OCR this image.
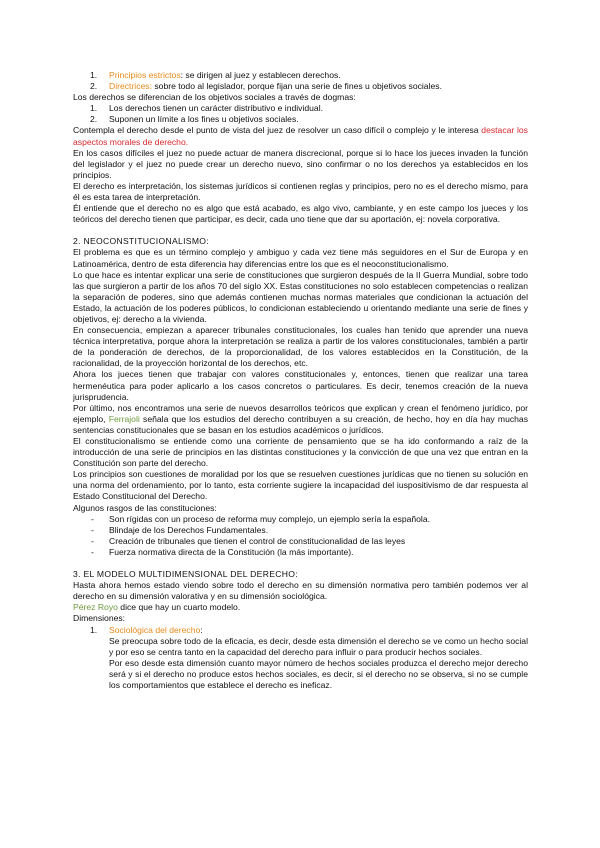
1. Principios estrictos: se dirigen al juez y establecen derechos.
2. Directrices: sobre todo al legislador, porque fijan una serie de fines u objetivos sociales.

Los derechos se diferencian de los objetivos sociales a través de dogmas:

1. Los derechos tienen un carácter distributivo e individual.
2. Suponen un límite a los fines u objetivos sociales.

Contempla el derecho desde el punto de vista del juez de resolver un caso difícil o complejo y le interesa destacar los aspectos morales de derecho.

En los casos difíciles el juez no puede actuar de manera discrecional, porque si lo hace los jueces invaden la función del legislador y el juez no puede crear un derecho nuevo, sino confirmar o no los derechos ya establecidos en los principios.

El derecho es interpretación, los sistemas jurídicos si contienen reglas y principios, pero no es el derecho mismo, para él es esta tarea de interpretación.

Él entiende que el derecho no es algo que está acabado, es algo vivo, cambiante, y en este campo los jueces y los teóricos del derecho tienen que participar, es decir, cada uno tiene que dar su aportación, ej: novela corporativa.

2. NEOCONSTITUCIONALISMO:

El problema es que es un término complejo y ambiguo y cada vez tiene más seguidores en el Sur de Europa y en Latinoamérica, dentro de esta diferencia hay diferencias entre los que es el neoconstitucionalismo.

Lo que hace es intentar explicar una serie de constituciones que surgieron después de la II Guerra Mundial, sobre todo las que surgieron a partir de los años 70 del siglo XX. Estas constituciones no solo establecen competencias o realizan la separación de poderes, sino que además contienen muchas normas materiales que condicionan la actuación del Estado, la actuación de los poderes públicos, lo condicionan estableciendo u orientando mediante una serie de fines y objetivos, ej: derecho a la vivienda.

En consecuencia, empiezan a aparecer tribunales constitucionales, los cuales han tenido que aprender una nueva técnica interpretativa, porque ahora la interpretación se realiza a partir de los valores constitucionales, también a partir de la ponderación de derechos, de la proporcionalidad, de los valores establecidos en la Constitución, de la racionalidad, de la proyección horizontal de los derechos, etc.

Ahora los jueces tienen que trabajar con valores constitucionales y, entonces, tienen que realizar una tarea hermenéutica para poder aplicarlo a los casos concretos o particulares. Es decir, tenemos creación de la nueva jurisprudencia.

Por último, nos encontramos una serie de nuevos desarrollos teóricos que explican y crean el fenómeno jurídico, por ejemplo, Ferrajoli señala que los estudios del derecho contribuyen a su creación, de hecho, hoy en día hay muchas sentencias constitucionales que se basan en los estudios académicos o jurídicos.

El constitucionalismo se entiende como una corriente de pensamiento que se ha ido conformando a raíz de la introducción de una serie de principios en las distintas constituciones y la convicción de que una vez que entran en la Constitución son parte del derecho.

Los principios son cuestiones de moralidad por los que se resuelven cuestiones jurídicas que no tienen su solución en una norma del ordenamiento, por lo tanto, esta corriente sugiere la incapacidad del iuspositivismo de dar respuesta al Estado Constitucional del Derecho.

Algunos rasgos de las constituciones:

- Son rígidas con un proceso de reforma muy complejo, un ejemplo sería la española.
- Blindaje de los Derechos Fundamentales.
- Creación de tribunales que tienen el control de constitucionalidad de las leyes
- Fuerza normativa directa de la Constitución (la más importante).

3. EL MODELO MULTIDIMENSIONAL DEL DERECHO:

Hasta ahora hemos estado viendo sobre todo el derecho en su dimensión normativa pero también podemos ver al derecho en su dimensión valorativa y en su dimensión sociológica.

Pérez Royo dice que hay un cuarto modelo.

Dimensiones:

1. Sociológica del derecho:

Se preocupa sobre todo de la eficacia, es decir, desde esta dimensión el derecho se ve como un hecho social y por eso se centra tanto en la capacidad del derecho para influir o para producir hechos sociales.

Por eso desde esta dimensión cuanto mayor número de hechos sociales produzca el derecho mejor derecho será y si el derecho no produce estos hechos sociales, es decir, si el derecho no se observa, si no se cumple los comportamientos que establece el derecho es ineficaz.
